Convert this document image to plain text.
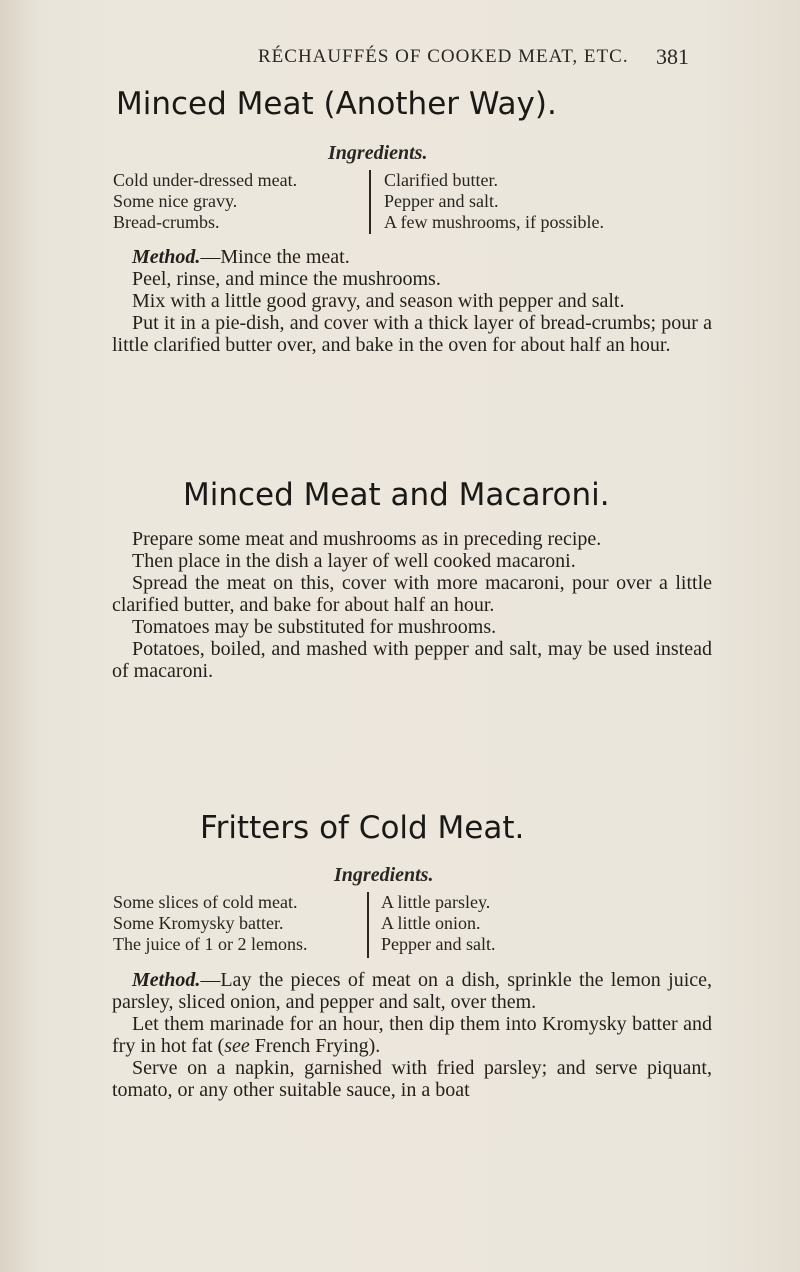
RÉCHAUFFÉS OF COOKED MEAT, ETC. 381
Minced Meat (Another Way).
Ingredients.
Cold under-dressed meat.
Some nice gravy.
Bread-crumbs.
Clarified butter.
Pepper and salt.
A few mushrooms, if possible.

Method.—Mince the meat.

Peel, rinse, and mince the mushrooms.

Mix with a little good gravy, and season with pepper and salt.

Put it in a pie-dish, and cover with a thick layer of bread-crumbs; pour a little clarified butter over, and bake in the oven for about half an hour.

Minced Meat and Macaroni.

Prepare some meat and mushrooms as in preceding recipe.

Then place in the dish a layer of well cooked macaroni.

Spread the meat on this, cover with more macaroni, pour over a little clarified butter, and bake for about half an hour.

Tomatoes may be substituted for mushrooms.

Potatoes, boiled, and mashed with pepper and salt, may be used instead of macaroni.

Fritters of Cold Meat.
Ingredients.
Some slices of cold meat.
Some Kromysky batter.
The juice of 1 or 2 lemons.
A little parsley.
A little onion.
Pepper and salt.

Method.—Lay the pieces of meat on a dish, sprinkle the lemon juice, parsley, sliced onion, and pepper and salt, over them.

Let them marinade for an hour, then dip them into Kromysky batter and fry in hot fat (see French Frying).

Serve on a napkin, garnished with fried parsley; and serve piquant, tomato, or any other suitable sauce, in a boat
